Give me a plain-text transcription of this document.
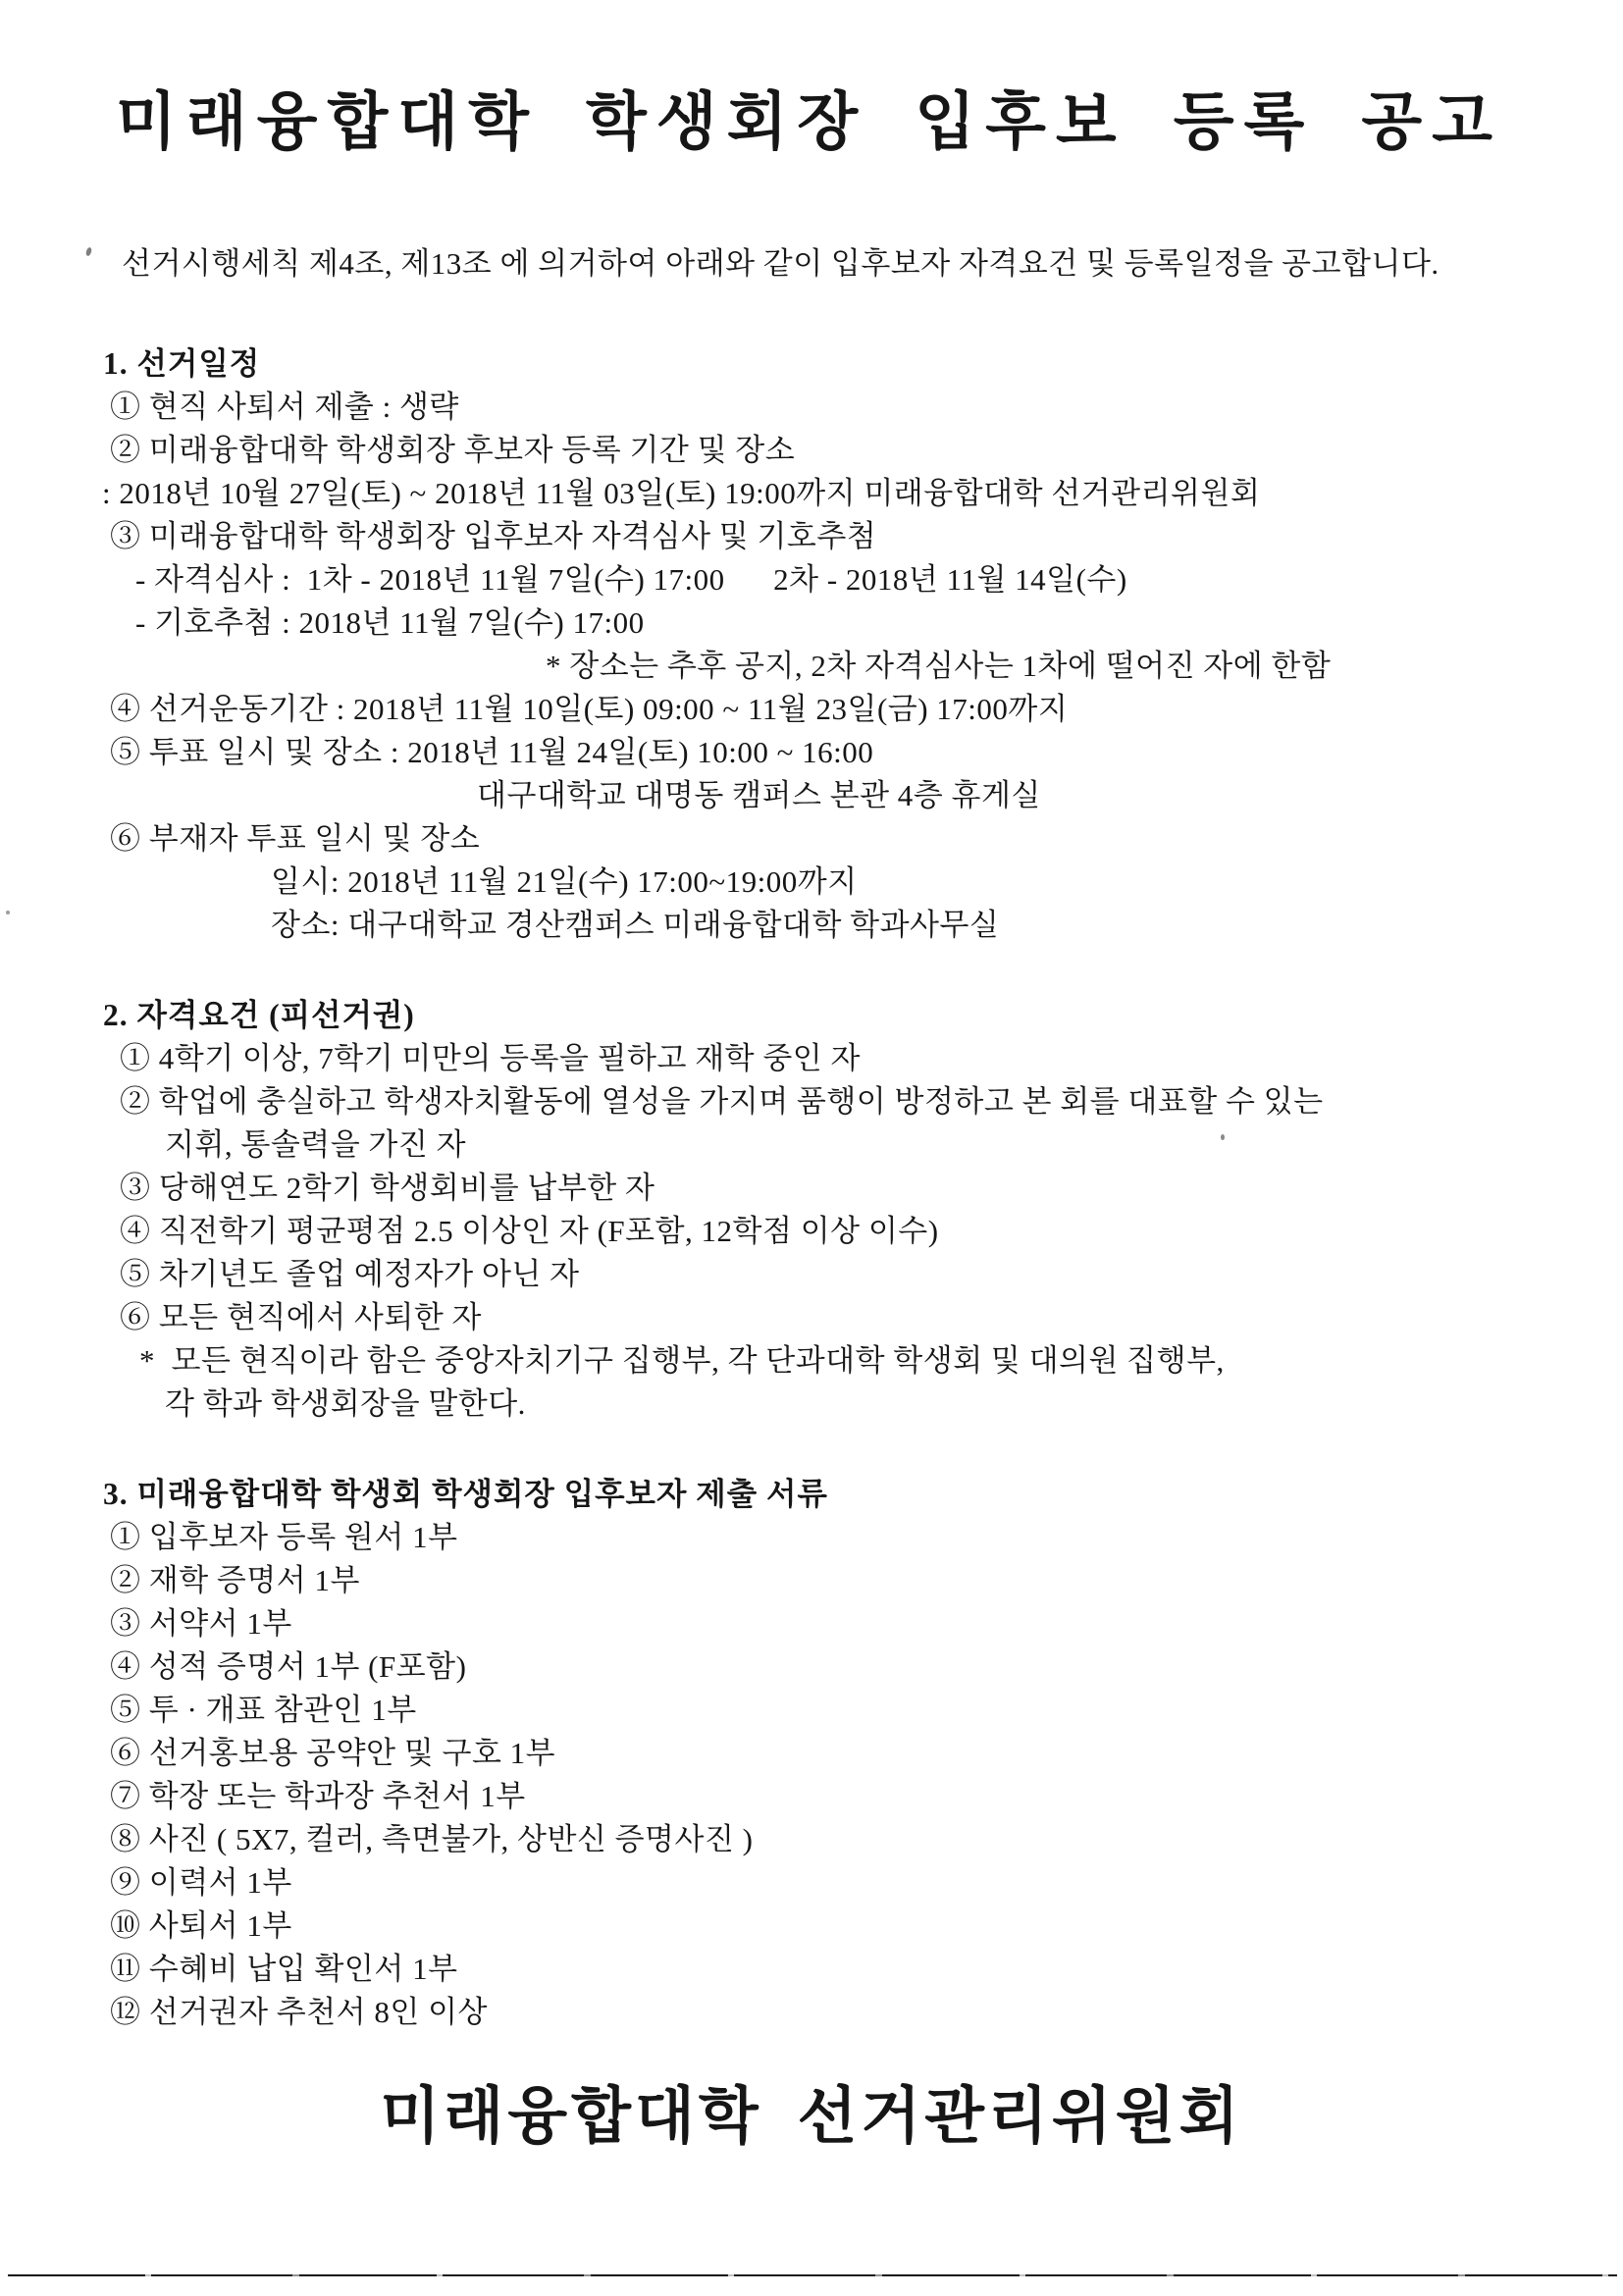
미래융합대학 학생회장 입후보 등록 공고

선거시행세칙 제4조, 제13조 에 의거하여 아래와 같이 입후보자 자격요건 및 등록일정을 공고합니다.

1. 선거일정
① 현직 사퇴서 제출 : 생략
② 미래융합대학 학생회장 후보자 등록 기간 및 장소
: 2018년 10월 27일(토) ~ 2018년 11월 03일(토) 19:00까지 미래융합대학 선거관리위원회
③ 미래융합대학 학생회장 입후보자 자격심사 및 기호추첨
- 자격심사 :  1차 - 2018년 11월 7일(수) 17:00      2차 - 2018년 11월 14일(수)
- 기호추첨 : 2018년 11월 7일(수) 17:00
* 장소는 추후 공지, 2차 자격심사는 1차에 떨어진 자에 한함
④ 선거운동기간 : 2018년 11월 10일(토) 09:00 ~ 11월 23일(금) 17:00까지
⑤ 투표 일시 및 장소 : 2018년 11월 24일(토) 10:00 ~ 16:00
대구대학교 대명동 캠퍼스 본관 4층 휴게실
⑥ 부재자 투표 일시 및 장소
일시: 2018년 11월 21일(수) 17:00~19:00까지
장소: 대구대학교 경산캠퍼스 미래융합대학 학과사무실
2. 자격요건 (피선거권)
① 4학기 이상, 7학기 미만의 등록을 필하고 재학 중인 자
② 학업에 충실하고 학생자치활동에 열성을 가지며 품행이 방정하고 본 회를 대표할 수 있는
지휘, 통솔력을 가진 자
③ 당해연도 2학기 학생회비를 납부한 자
④ 직전학기 평균평점 2.5 이상인 자 (F포함, 12학점 이상 이수)
⑤ 차기년도 졸업 예정자가 아닌 자
⑥ 모든 현직에서 사퇴한 자
*  모든 현직이라 함은 중앙자치기구 집행부, 각 단과대학 학생회 및 대의원 집행부,
각 학과 학생회장을 말한다.
3. 미래융합대학 학생회 학생회장 입후보자 제출 서류
① 입후보자 등록 원서 1부
② 재학 증명서 1부
③ 서약서 1부
④ 성적 증명서 1부 (F포함)
⑤ 투 · 개표 참관인 1부
⑥ 선거홍보용 공약안 및 구호 1부
⑦ 학장 또는 학과장 추천서 1부
⑧ 사진 ( 5X7, 컬러, 측면불가, 상반신 증명사진 )
⑨ 이력서 1부
⑩ 사퇴서 1부
⑪ 수혜비 납입 확인서 1부
⑫ 선거권자 추천서 8인 이상
미래융합대학 선거관리위원회
